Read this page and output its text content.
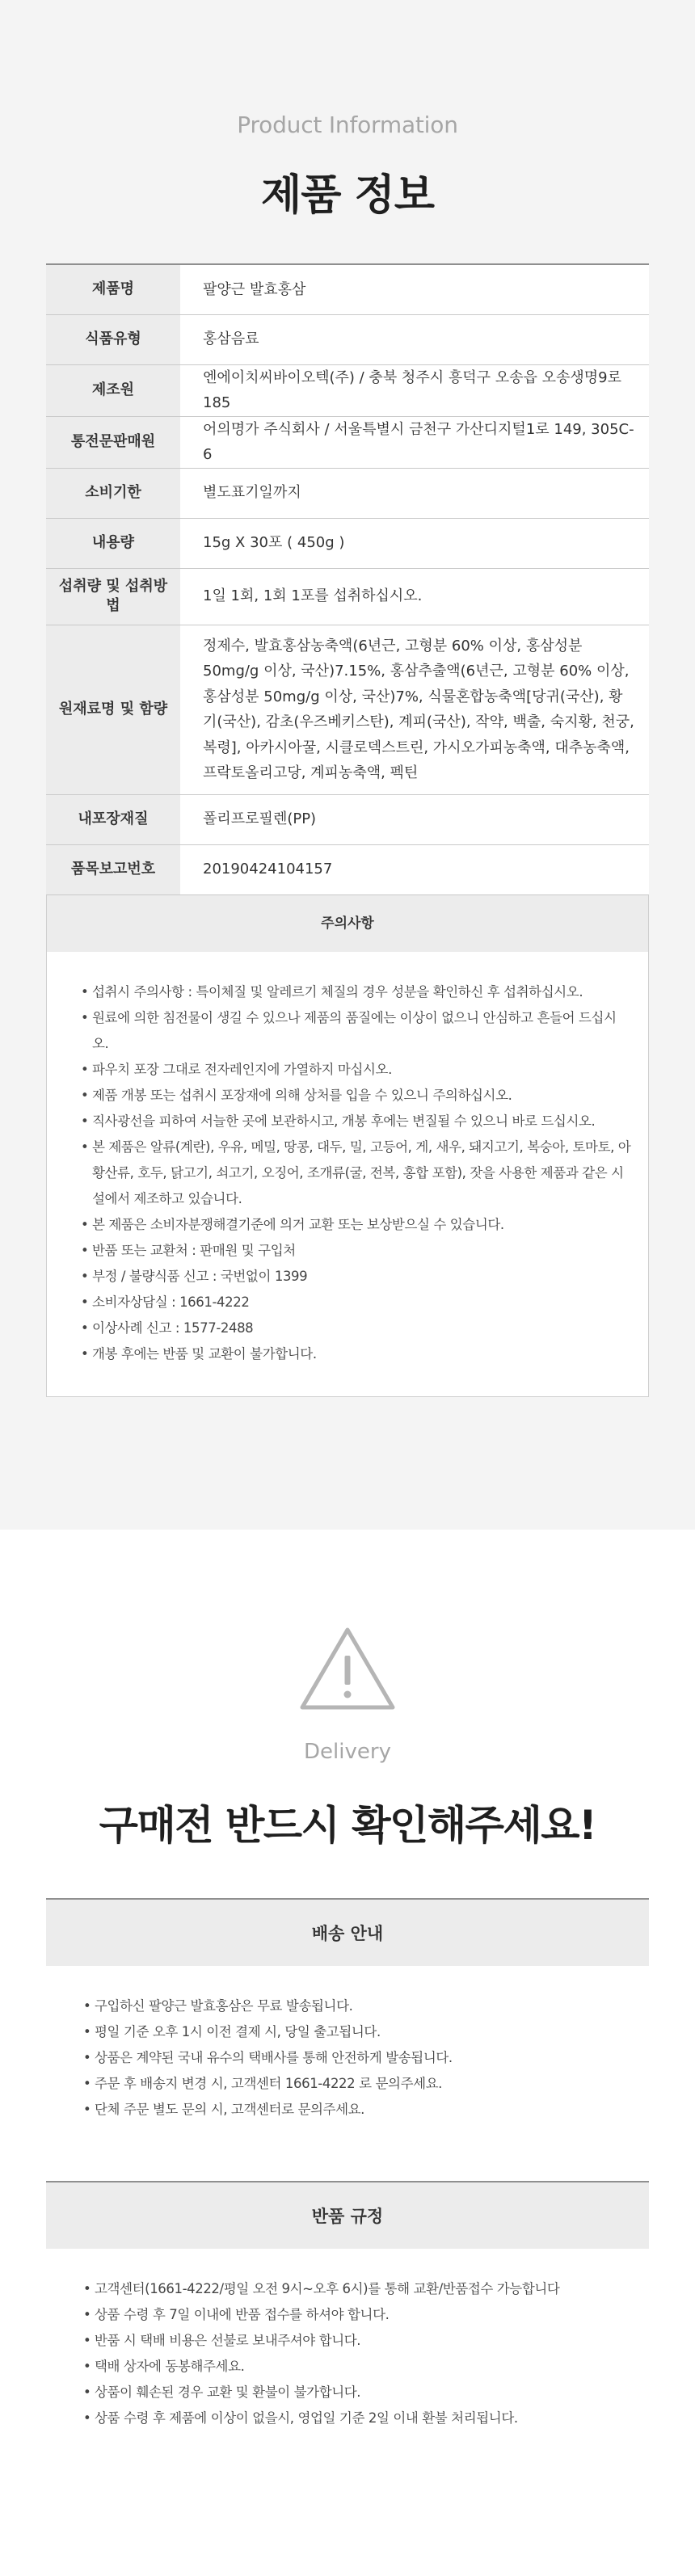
Product Information
제품 정보
제품명	팔양근 발효홍삼
식품유형	홍삼음료
제조원	엔에이치씨바이오텍(주) / 충북 청주시 흥덕구 오송읍 오송생명9로 185
통전문판매원	어의명가 주식회사 / 서울특별시 금천구 가산디지털1로 149, 305C-6
소비기한	별도표기일까지
내용량	15g X 30포 ( 450g )
섭취량 및 섭취방법	1일 1회, 1회 1포를 섭취하십시오.
원재료명 및 함량	정제수, 발효홍삼농축액(6년근, 고형분 60% 이상, 홍삼성분50mg/g 이상, 국산)7.15%, 홍삼추출액(6년근, 고형분 60% 이상, 홍삼성분 50mg/g 이상, 국산)7%, 식물혼합농축액[당귀(국산), 황기(국산), 감초(우즈베키스탄), 계피(국산), 작약, 백출, 숙지황, 천궁, 복령], 아카시아꿀, 시클로덱스트린, 가시오가피농축액, 대추농축액, 프락토올리고당, 계피농축액, 펙틴
내포장재질	폴리프로필렌(PP)
품목보고번호	20190424104157
주의사항
• 섭취시 주의사항 : 특이체질 및 알레르기 체질의 경우 성분을 확인하신 후 섭취하십시오.
• 원료에 의한 침전물이 생길 수 있으나 제품의 품질에는 이상이 없으니 안심하고 흔들어 드십시오.
• 파우치 포장 그대로 전자레인지에 가열하지 마십시오.
• 제품 개봉 또는 섭취시 포장재에 의해 상처를 입을 수 있으니 주의하십시오.
• 직사광선을 피하여 서늘한 곳에 보관하시고, 개봉 후에는 변질될 수 있으니 바로 드십시오.
• 본 제품은 알류(계란), 우유, 메밀, 땅콩, 대두, 밀, 고등어, 게, 새우, 돼지고기, 복숭아, 토마토, 아황산류, 호두, 닭고기, 쇠고기, 오징어, 조개류(굴, 전복, 홍합 포함), 잣을 사용한 제품과 같은 시설에서 제조하고 있습니다.
• 본 제품은 소비자분쟁해결기준에 의거 교환 또는 보상받으실 수 있습니다.
• 반품 또는 교환처 : 판매원 및 구입처
• 부정 / 불량식품 신고 : 국번없이 1399
• 소비자상담실 : 1661-4222
• 이상사례 신고 : 1577-2488
• 개봉 후에는 반품 및 교환이 불가합니다.
Delivery
구매전 반드시 확인해주세요!
배송 안내
• 구입하신 팔양근 발효홍삼은 무료 발송됩니다.
• 평일 기준 오후 1시 이전 결제 시, 당일 출고됩니다.
• 상품은 계약된 국내 유수의 택배사를 통해 안전하게 발송됩니다.
• 주문 후 배송지 변경 시, 고객센터 1661-4222 로 문의주세요.
• 단체 주문 별도 문의 시, 고객센터로 문의주세요.
반품 규정
• 고객센터(1661-4222/평일 오전 9시~오후 6시)를 통해 교환/반품접수 가능합니다
• 상품 수령 후 7일 이내에 반품 접수를 하셔야 합니다.
• 반품 시 택배 비용은 선불로 보내주셔야 합니다.
• 택배 상자에 동봉해주세요.
• 상품이 훼손된 경우 교환 및 환불이 불가합니다.
• 상품 수령 후 제품에 이상이 없을시, 영업일 기준 2일 이내 환불 처리됩니다.
